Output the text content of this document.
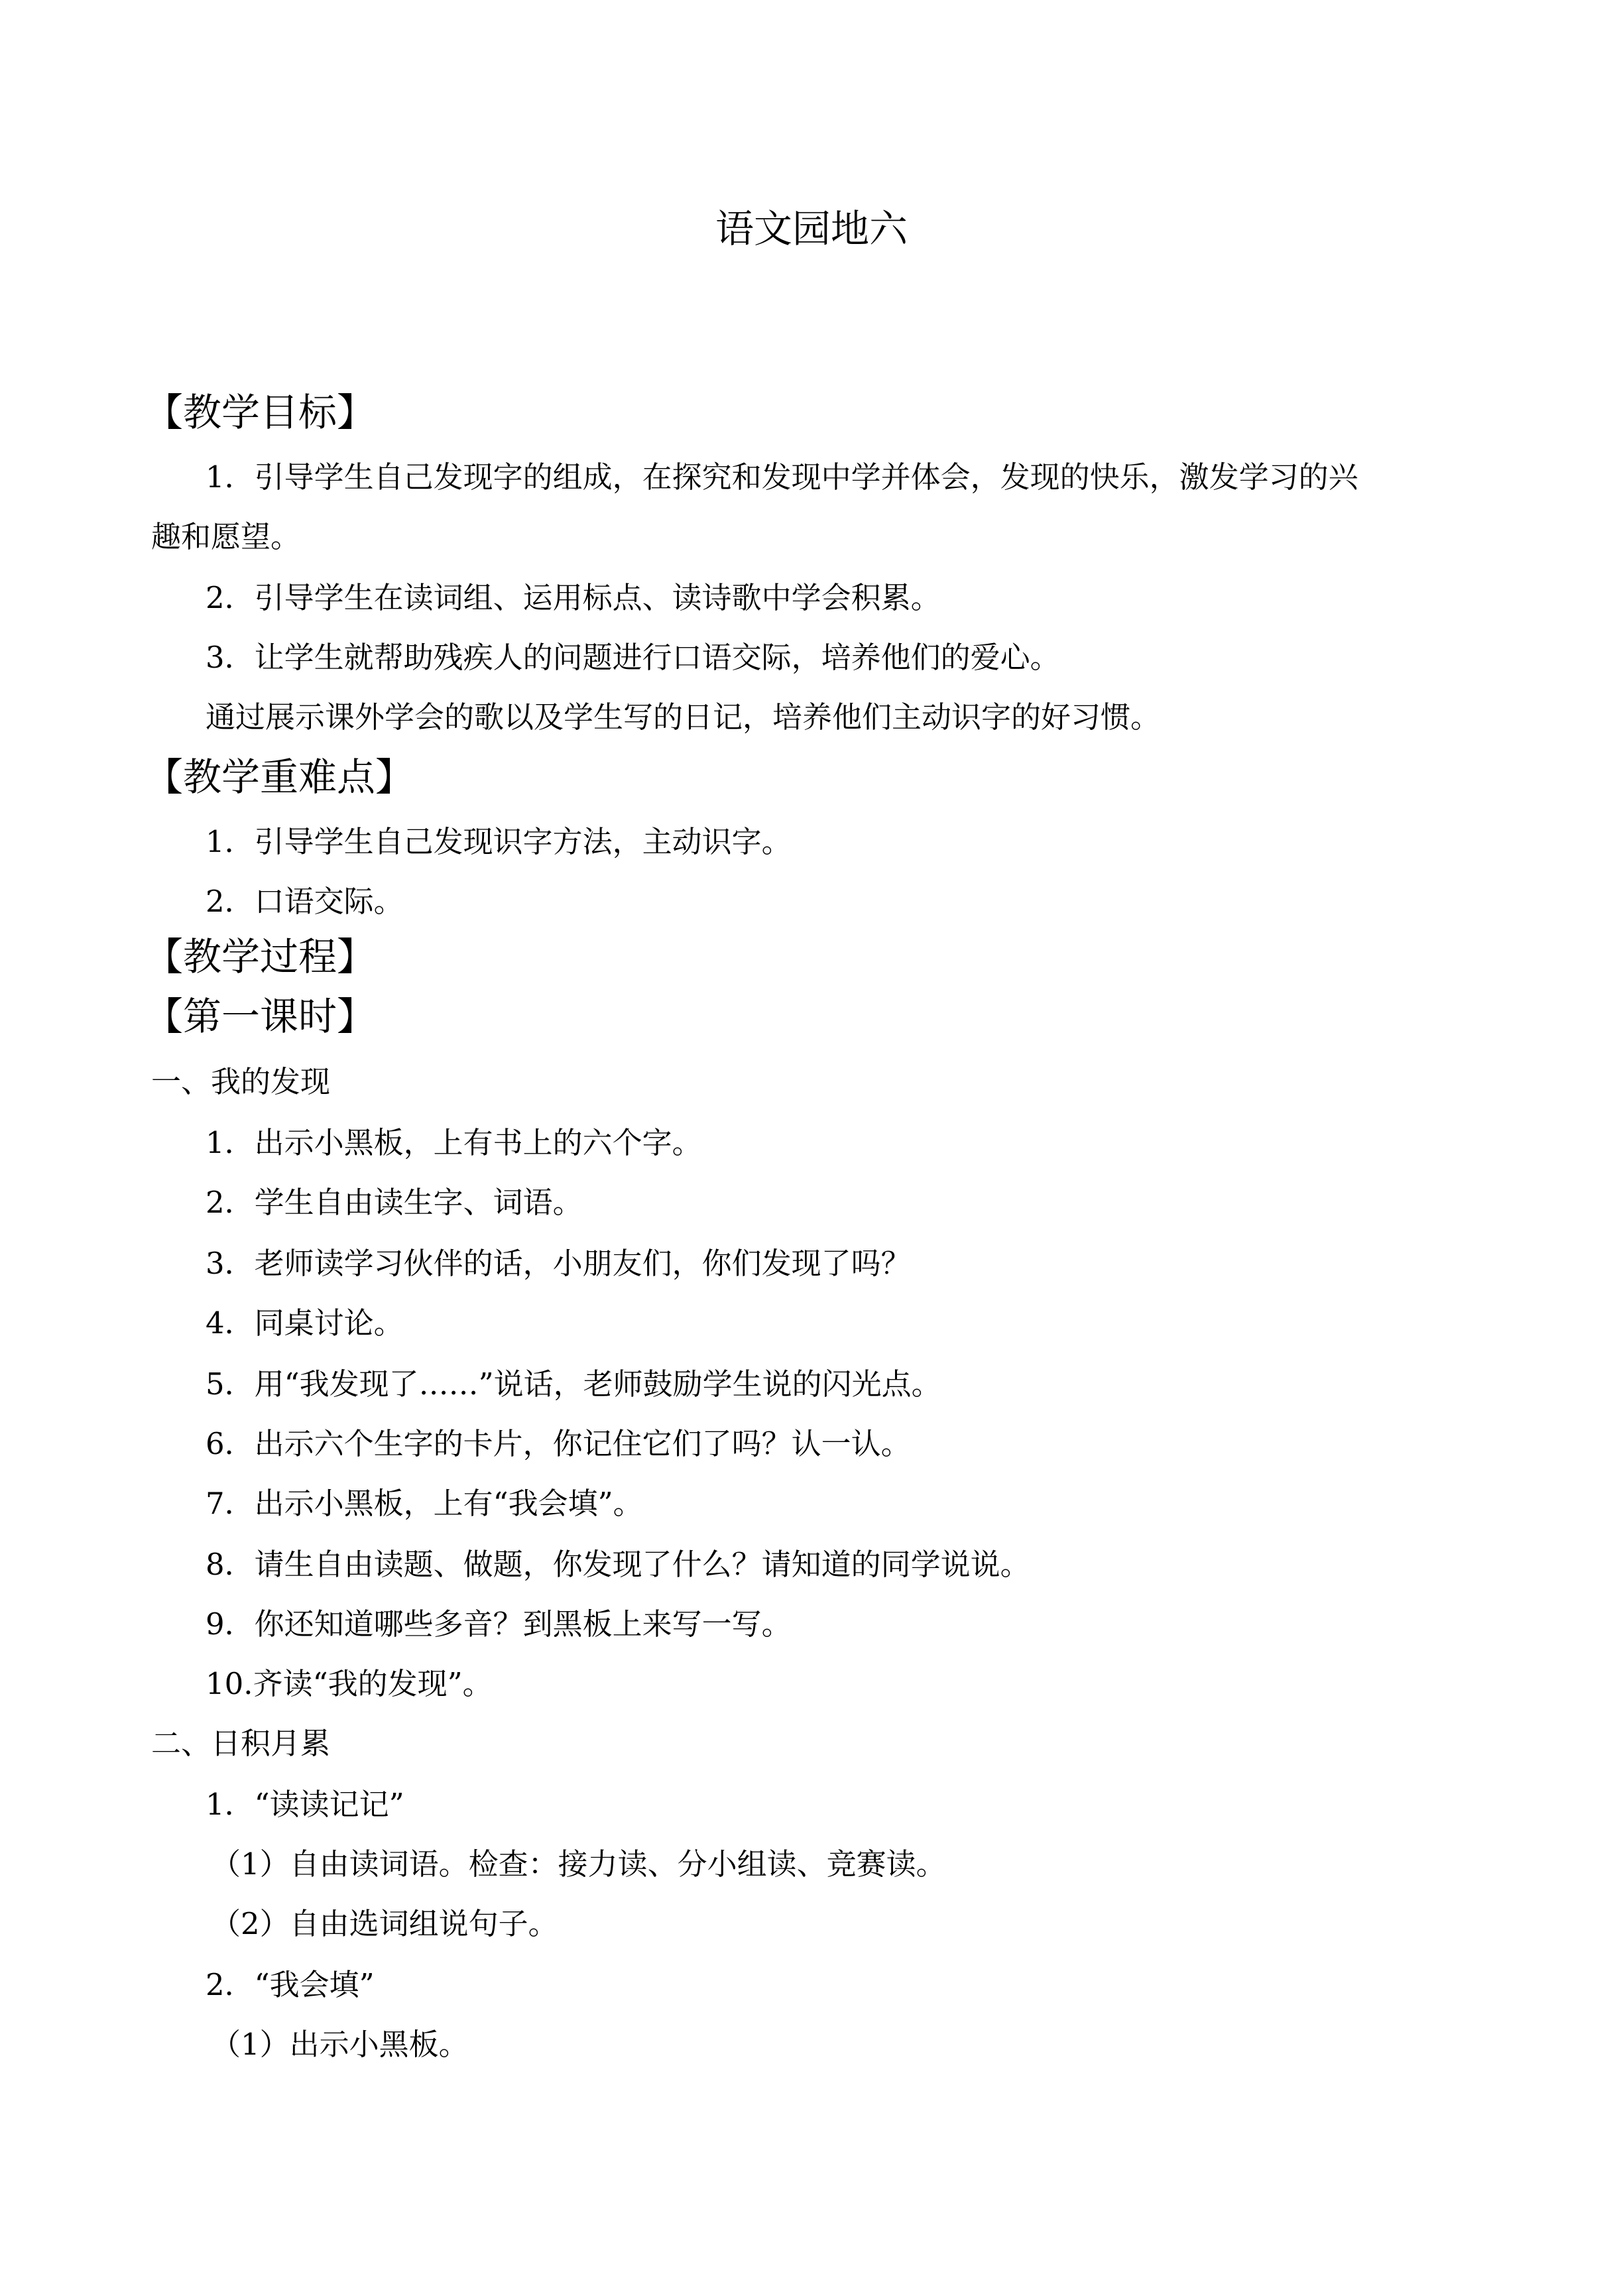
语文园地六
【教学目标】
1．引导学生自己发现字的组成，在探究和发现中学并体会，发现的快乐，激发学习的兴
趣和愿望。
2．引导学生在读词组、运用标点、读诗歌中学会积累。
3．让学生就帮助残疾人的问题进行口语交际，培养他们的爱心。
通过展示课外学会的歌以及学生写的日记，培养他们主动识字的好习惯。
【教学重难点】
1．引导学生自己发现识字方法，主动识字。
2．口语交际。
【教学过程】
【第一课时】
一、我的发现
1．出示小黑板，上有书上的六个字。
2．学生自由读生字、词语。
3．老师读学习伙伴的话，小朋友们，你们发现了吗？
4．同桌讨论。
5．用“我发现了……”说话，老师鼓励学生说的闪光点。
6．出示六个生字的卡片，你记住它们了吗？认一认。
7．出示小黑板，上有“我会填”。
8．请生自由读题、做题，你发现了什么？请知道的同学说说。
9．你还知道哪些多音？到黑板上来写一写。
10.齐读“我的发现”。
二、日积月累
1．“读读记记”
（1）自由读词语。检查：接力读、分小组读、竞赛读。
（2）自由选词组说句子。
2．“我会填”
（1）出示小黑板。
